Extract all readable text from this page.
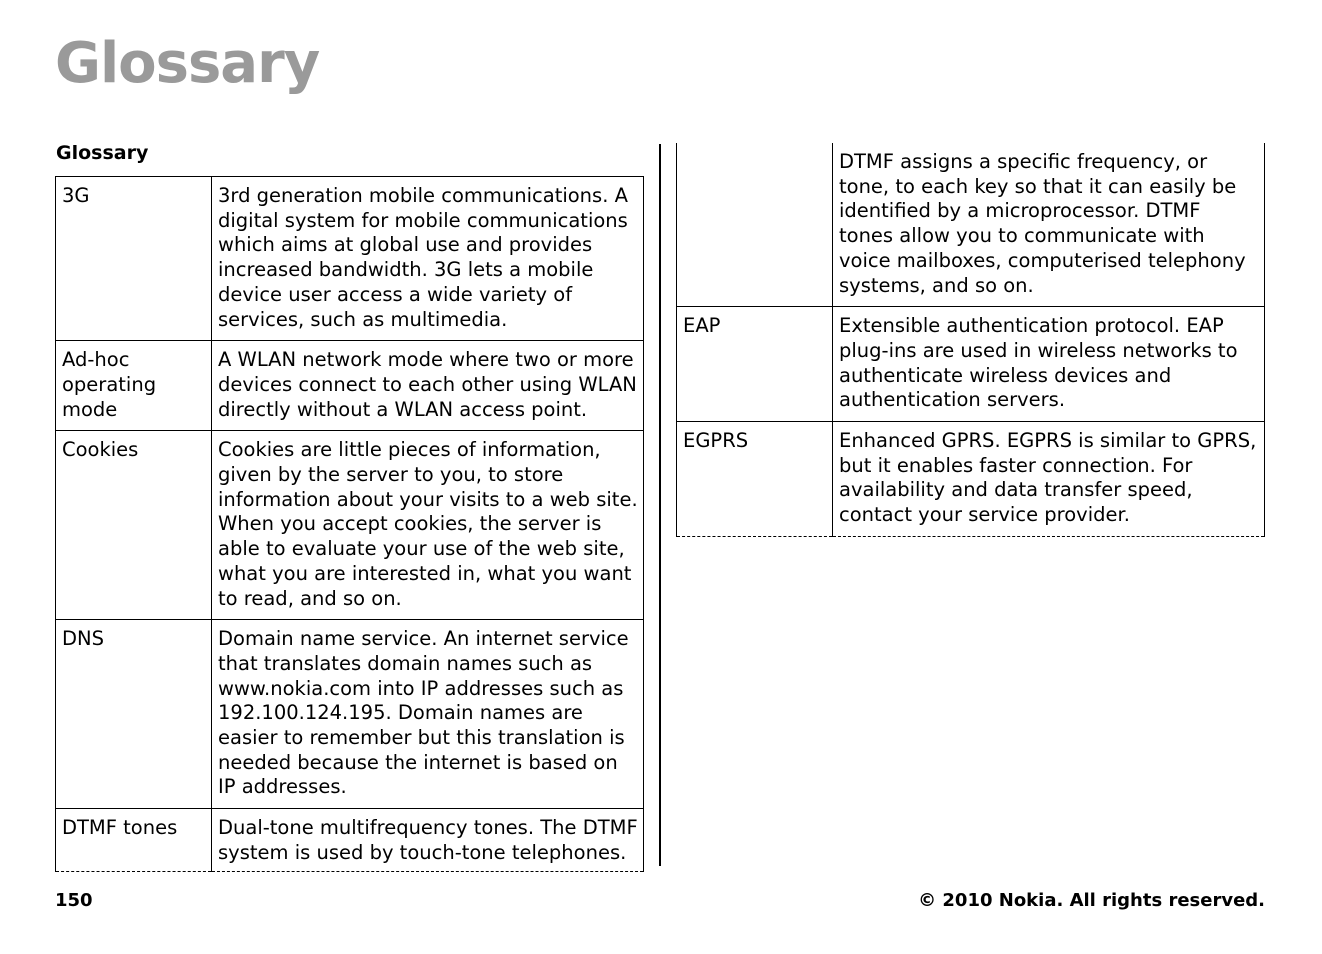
Glossary
Glossary
3G	3rd generation mobile communications. A digital system for mobile communications which aims at global use and provides increased bandwidth. 3G lets a mobile device user access a wide variety of services, such as multimedia.
Ad-hoc operating mode	A WLAN network mode where two or more devices connect to each other using WLAN directly without a WLAN access point.
Cookies	Cookies are little pieces of information, given by the server to you, to store information about your visits to a web site. When you accept cookies, the server is able to evaluate your use of the web site, what you are interested in, what you want to read, and so on.
DNS	Domain name service. An internet service that translates domain names such as www.nokia.com into IP addresses such as 192.100.124.195. Domain names are easier to remember but this translation is needed because the internet is based on IP addresses.
DTMF tones	Dual-tone multifrequency tones. The DTMF system is used by touch-tone telephones.
	DTMF assigns a specific frequency, or tone, to each key so that it can easily be identified by a microprocessor. DTMF tones allow you to communicate with voice mailboxes, computerised telephony systems, and so on.
EAP	Extensible authentication protocol. EAP plug-ins are used in wireless networks to authenticate wireless devices and authentication servers.
EGPRS	Enhanced GPRS. EGPRS is similar to GPRS, but it enables faster connection. For availability and data transfer speed, contact your service provider.
150	© 2010 Nokia. All rights reserved.
